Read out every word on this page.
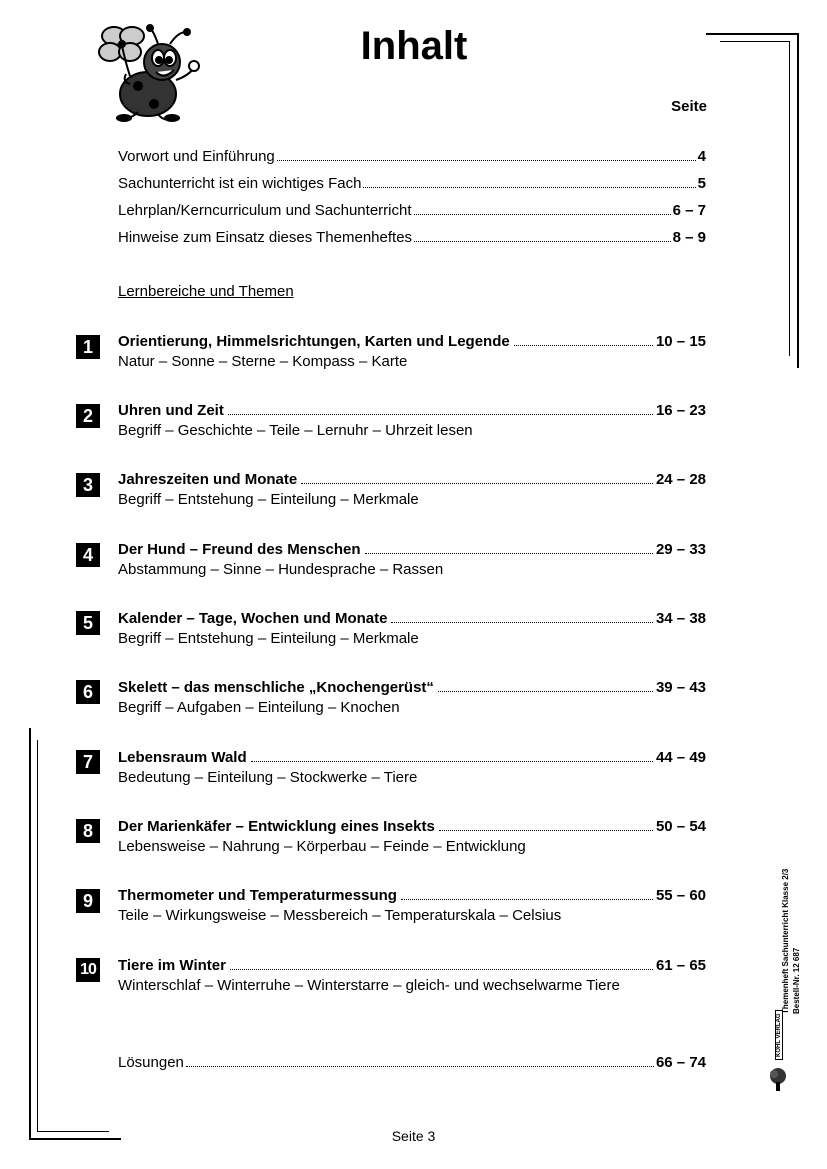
Inhalt
Seite
Vorwort und Einführung	4
Sachunterricht ist ein wichtiges Fach	5
Lehrplan/Kerncurriculum und Sachunterricht	6 – 7
Hinweise zum Einsatz dieses Themenheftes	8 – 9
Lernbereiche und Themen
1	Orientierung, Himmelsrichtungen, Karten und Legende	10 – 15
Natur – Sonne – Sterne – Kompass – Karte
2	Uhren und Zeit	16 – 23
Begriff – Geschichte – Teile – Lernuhr – Uhrzeit lesen
3	Jahreszeiten und Monate	24 – 28
Begriff – Entstehung – Einteilung – Merkmale
4	Der Hund – Freund des Menschen	29 – 33
Abstammung – Sinne – Hundesprache – Rassen
5	Kalender – Tage, Wochen und Monate	34 – 38
Begriff – Entstehung – Einteilung – Merkmale
6	Skelett – das menschliche „Knochengerüst“	39 – 43
Begriff – Aufgaben – Einteilung – Knochen
7	Lebensraum Wald	44 – 49
Bedeutung – Einteilung – Stockwerke – Tiere
8	Der Marienkäfer – Entwicklung eines Insekts	50 – 54
Lebensweise – Nahrung – Körperbau – Feinde – Entwicklung
9	Thermometer und Temperaturmessung	55 – 60
Teile – Wirkungsweise – Messbereich – Temperaturskala – Celsius
10 Tiere im Winter	61 – 65
Winterschlaf – Winterruhe – Winterstarre – gleich- und wechselwarme Tiere
Lösungen	66 – 74
Themenheft Sachunterricht Klasse 2/3 Bestell-Nr. 12 687
KOHL VERLAG
Seite 3
